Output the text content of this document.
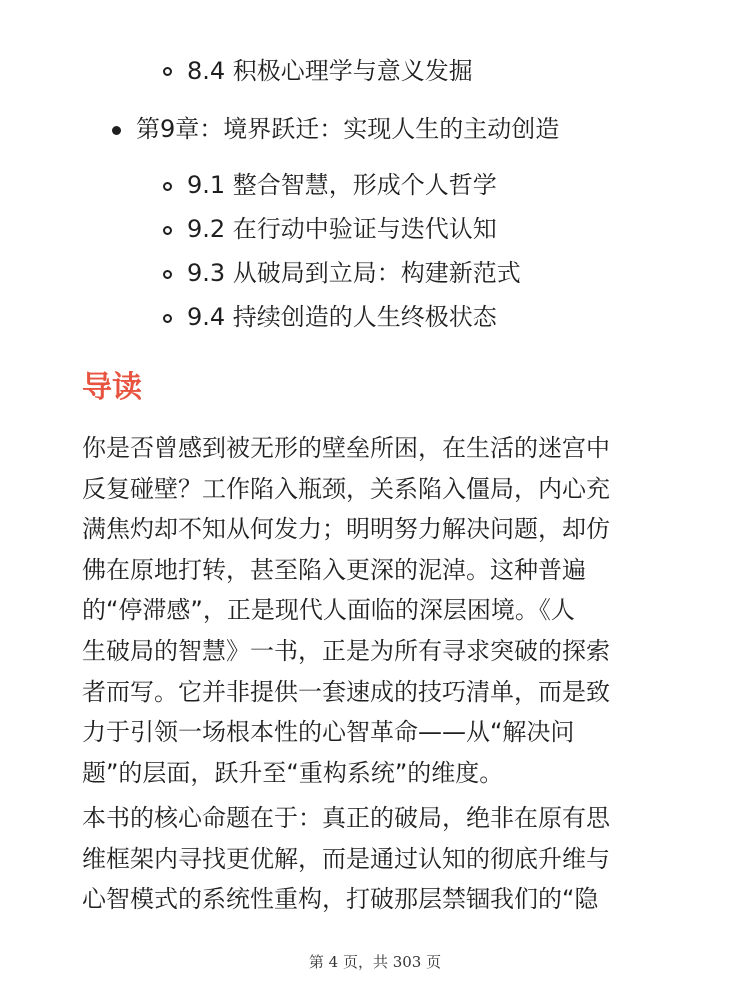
8.4 积极心理学与意义发掘
第9章：境界跃迁：实现人生的主动创造
9.1 整合智慧，形成个人哲学
9.2 在行动中验证与迭代认知
9.3 从破局到立局：构建新范式
9.4 持续创造的人生终极状态
导读
你是否曾感到被无形的壁垒所困，在生活的迷宫中
反复碰壁？工作陷入瓶颈，关系陷入僵局，内心充
满焦灼却不知从何发力；明明努力解决问题，却仿
佛在原地打转，甚至陷入更深的泥淖。这种普遍
的“停滞感”，正是现代人面临的深层困境。《人
生破局的智慧》一书，正是为所有寻求突破的探索
者而写。它并非提供一套速成的技巧清单，而是致
力于引领一场根本性的心智革命——从“解决问
题”的层面，跃升至“重构系统”的维度。
本书的核心命题在于：真正的破局，绝非在原有思
维框架内寻找更优解，而是通过认知的彻底升维与
心智模式的系统性重构，打破那层禁锢我们的“隐
第 4 页，共 303 页
